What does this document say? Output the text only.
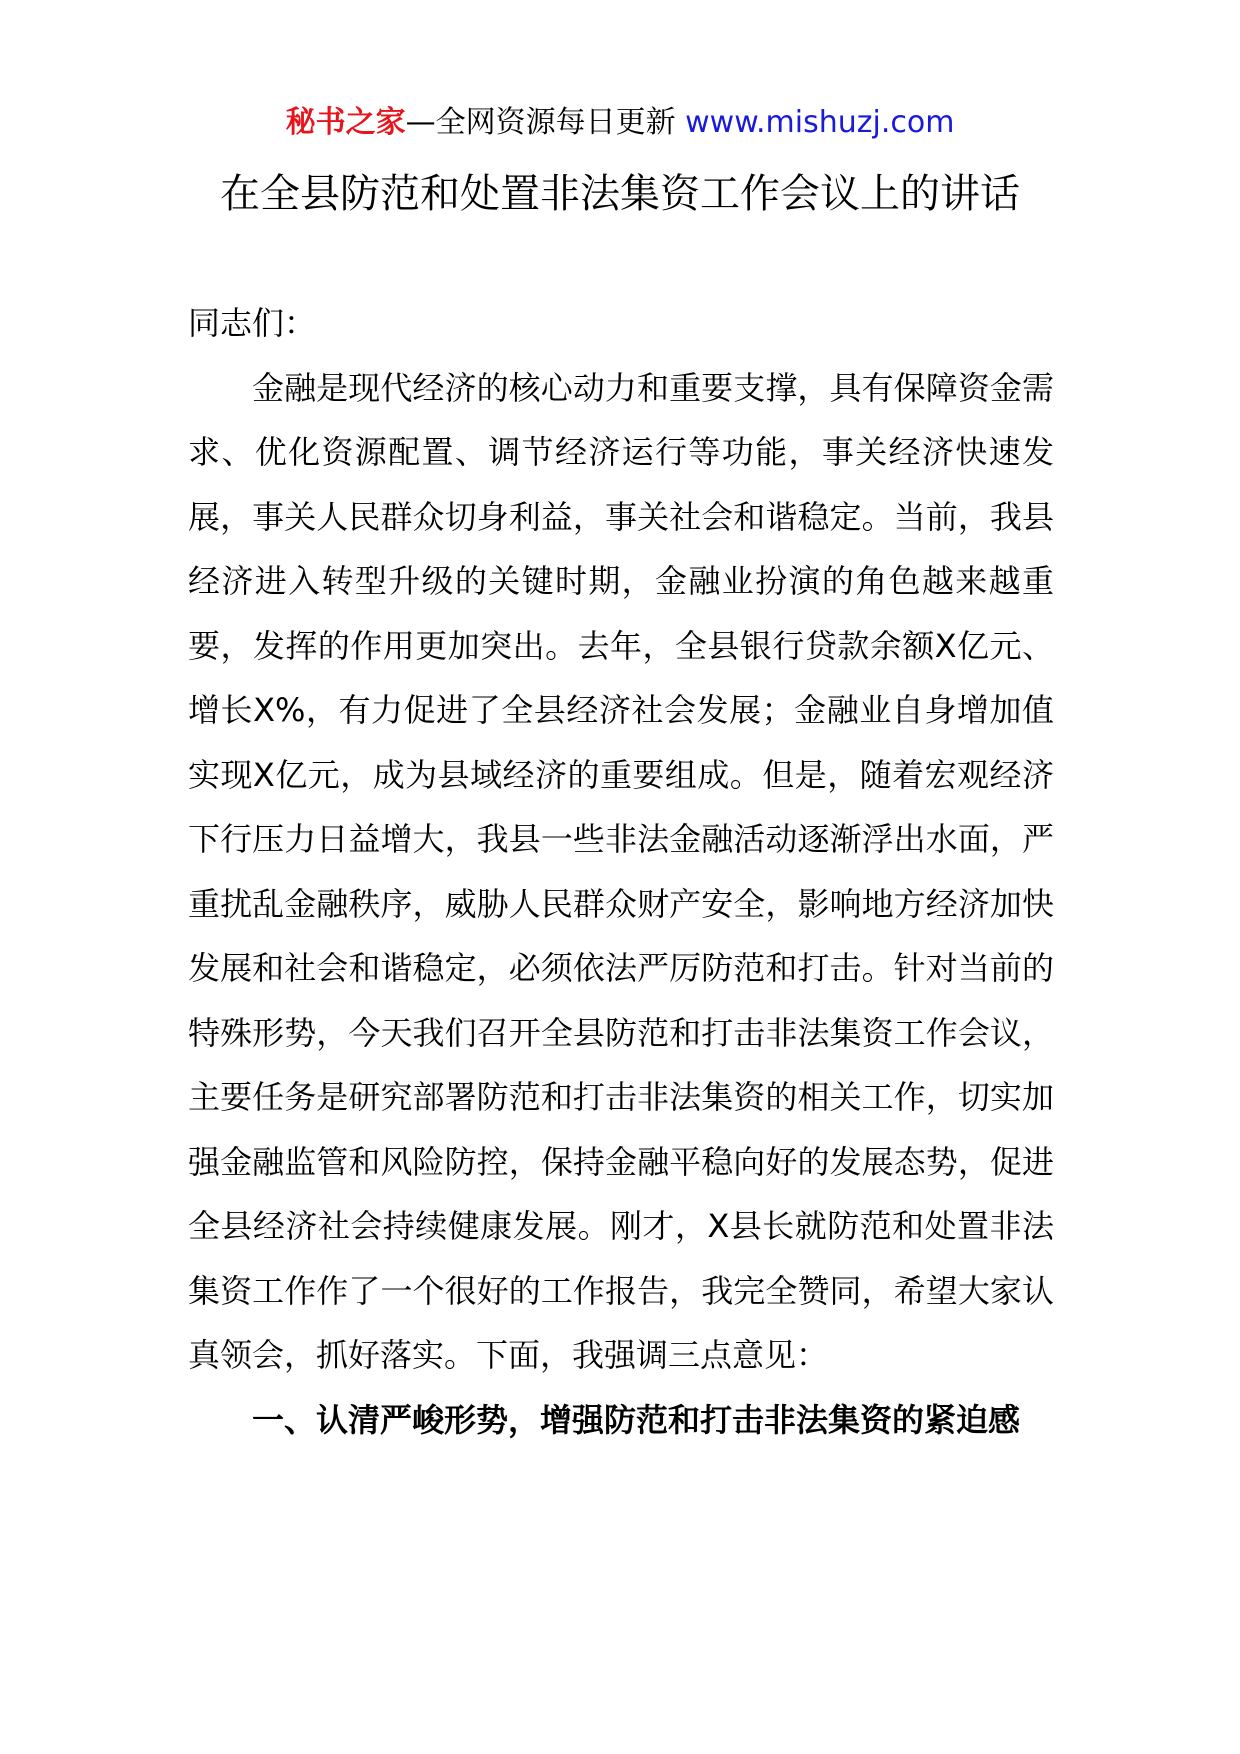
秘书之家—全网资源每日更新 www.mishuzj.com
在全县防范和处置非法集资工作会议上的讲话

同志们：

金融是现代经济的核心动力和重要支撑，具有保障资金需求、优化资源配置、调节经济运行等功能，事关经济快速发展，事关人民群众切身利益，事关社会和谐稳定。当前，我县经济进入转型升级的关键时期，金融业扮演的角色越来越重要，发挥的作用更加突出。去年，全县银行贷款余额X亿元、增长X%，有力促进了全县经济社会发展；金融业自身增加值实现X亿元，成为县域经济的重要组成。但是，随着宏观经济下行压力日益增大，我县一些非法金融活动逐渐浮出水面，严重扰乱金融秩序，威胁人民群众财产安全，影响地方经济加快发展和社会和谐稳定，必须依法严厉防范和打击。针对当前的特殊形势，今天我们召开全县防范和打击非法集资工作会议，主要任务是研究部署防范和打击非法集资的相关工作，切实加强金融监管和风险防控，保持金融平稳向好的发展态势，促进全县经济社会持续健康发展。刚才，X县长就防范和处置非法集资工作作了一个很好的工作报告，我完全赞同，希望大家认真领会，抓好落实。下面，我强调三点意见：

一、认清严峻形势，增强防范和打击非法集资的紧迫感
